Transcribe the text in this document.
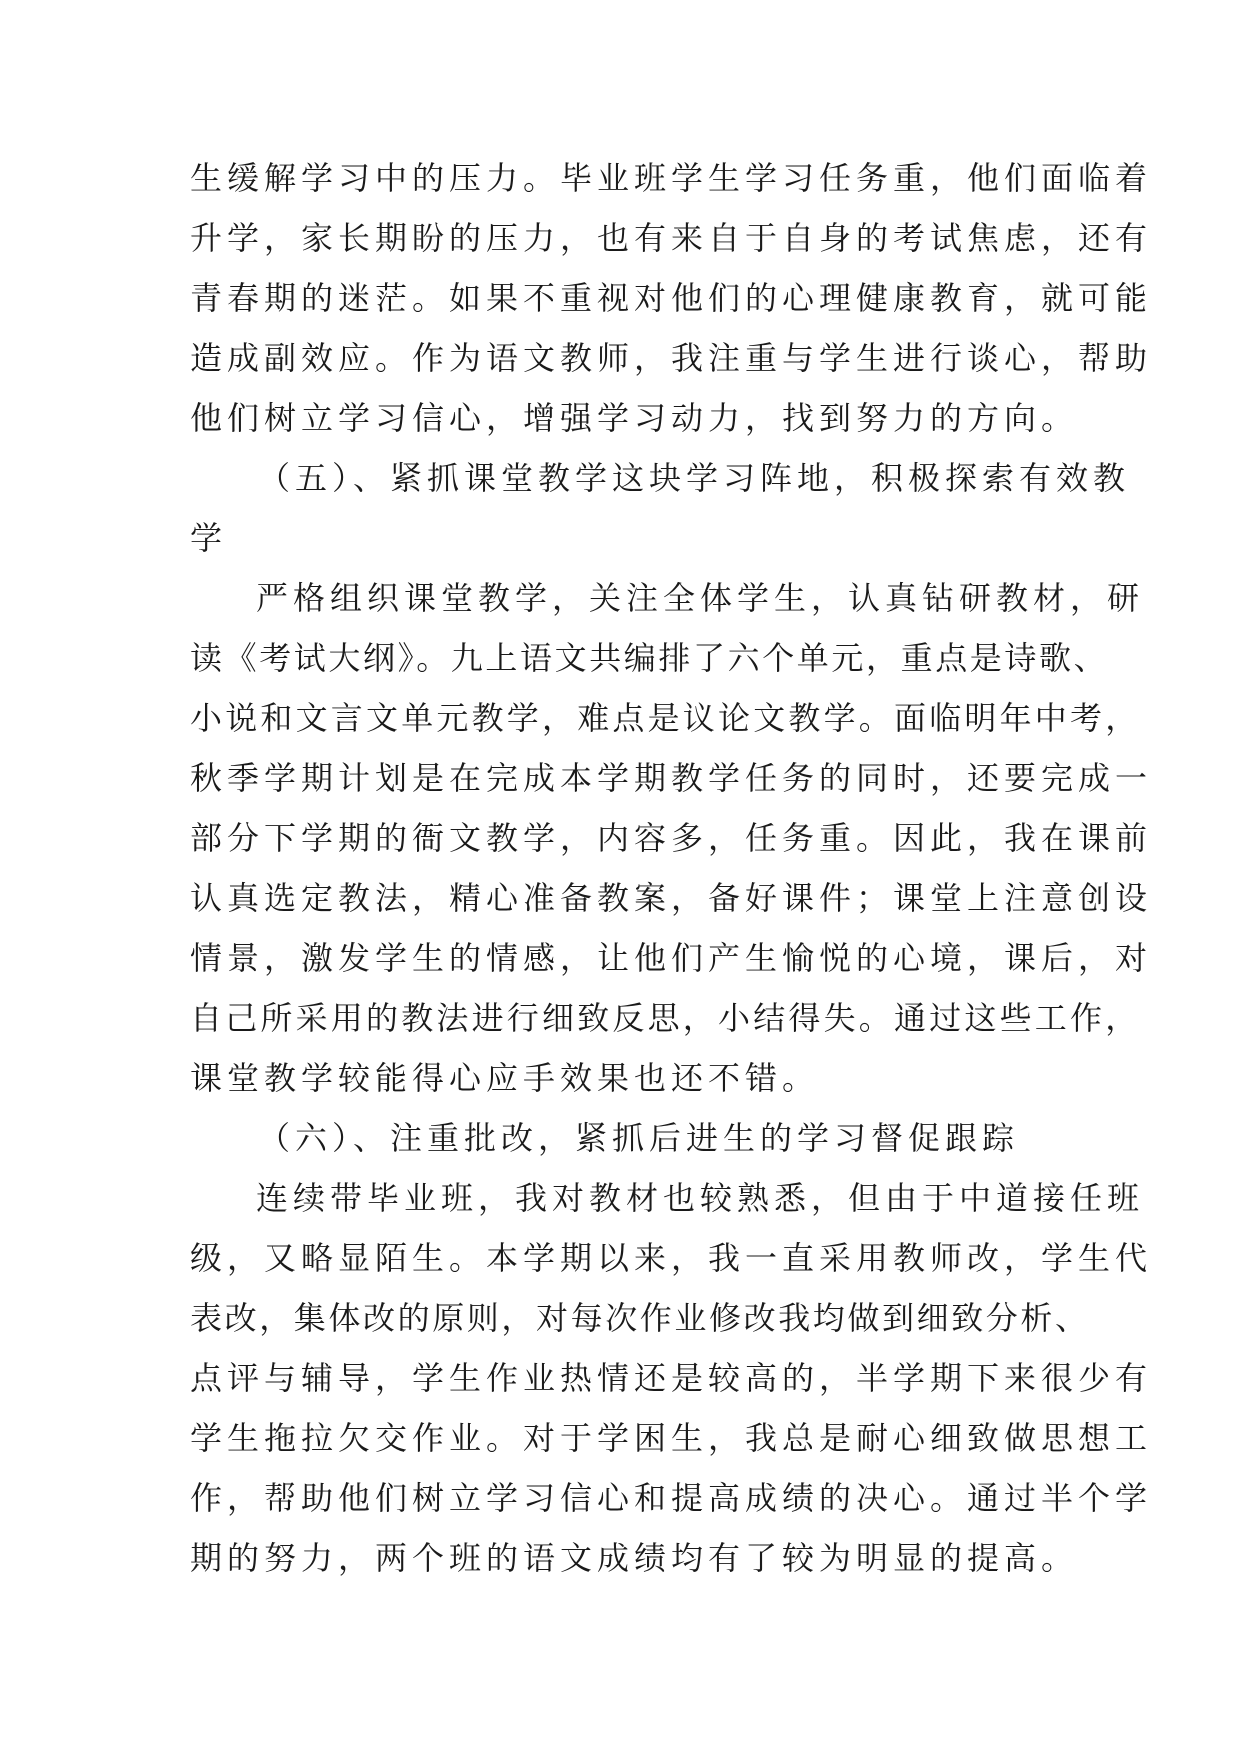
生缓解学习中的压力。毕业班学生学习任务重，他们面临着
升学，家长期盼的压力，也有来自于自身的考试焦虑，还有
青春期的迷茫。如果不重视对他们的心理健康教育，就可能
造成副效应。作为语文教师，我注重与学生进行谈心，帮助
他们树立学习信心，增强学习动力，找到努力的方向。
（五）、紧抓课堂教学这块学习阵地，积极探索有效教
学
严格组织课堂教学，关注全体学生，认真钻研教材，研
读《考试大纲》。九上语文共编排了六个单元，重点是诗歌、
小说和文言文单元教学，难点是议论文教学。面临明年中考，
秋季学期计划是在完成本学期教学任务的同时，还要完成一
部分下学期的衙文教学，内容多，任务重。因此，我在课前
认真选定教法，精心准备教案，备好课件；课堂上注意创设
情景，激发学生的情感，让他们产生愉悦的心境，课后，对
自己所采用的教法进行细致反思，小结得失。通过这些工作，
课堂教学较能得心应手效果也还不错。
（六）、注重批改，紧抓后进生的学习督促跟踪
连续带毕业班，我对教材也较熟悉，但由于中道接任班
级，又略显陌生。本学期以来，我一直采用教师改，学生代
表改，集体改的原则，对每次作业修改我均做到细致分析、
点评与辅导，学生作业热情还是较高的，半学期下来很少有
学生拖拉欠交作业。对于学困生，我总是耐心细致做思想工
作，帮助他们树立学习信心和提高成绩的决心。通过半个学
期的努力，两个班的语文成绩均有了较为明显的提高。
